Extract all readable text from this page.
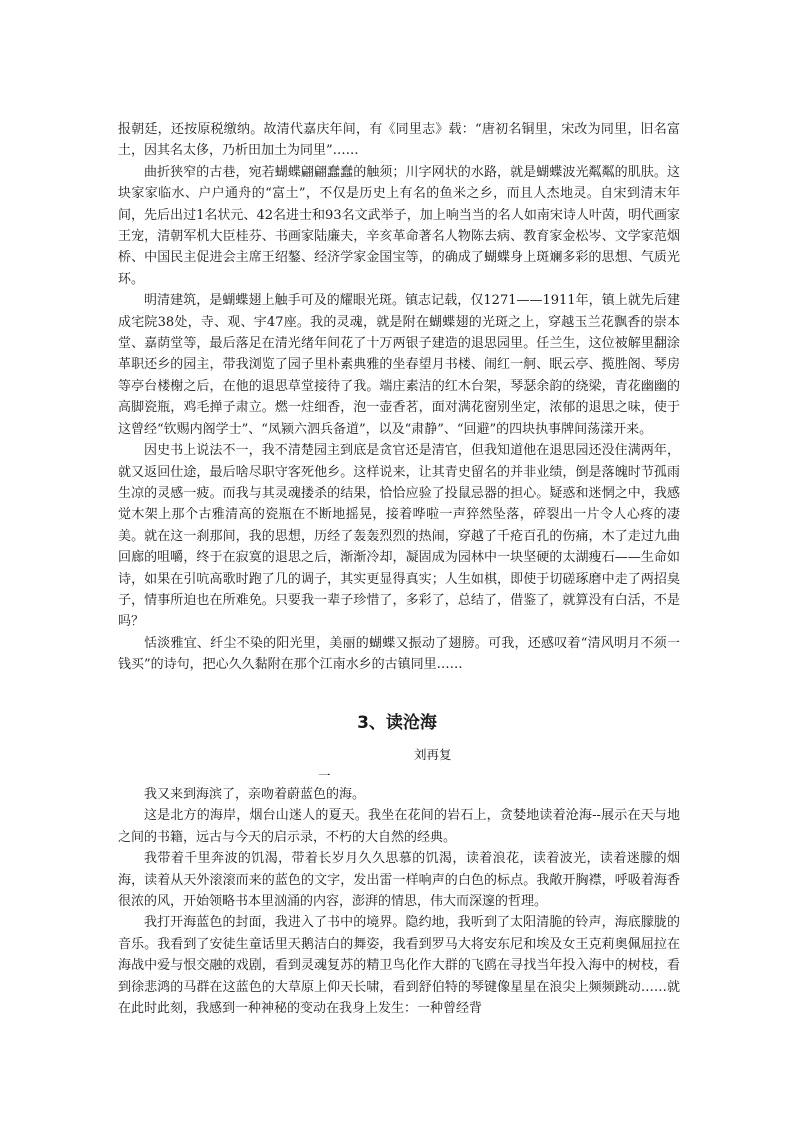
报朝廷，还按原税缴纳。故清代嘉庆年间，有《同里志》载：“唐初名铜里，宋改为同里，旧名富土，因其名太侈，乃析田加土为同里”……

曲折狭窄的古巷，宛若蝴蝶翩翩蠢蠢的触须；川字网状的水路，就是蝴蝶波光粼粼的肌肤。这块家家临水、户户通舟的“富土”，不仅是历史上有名的鱼米之乡，而且人杰地灵。自宋到清末年间，先后出过1名状元、42名进士和93名文武举子，加上响当当的名人如南宋诗人叶茵，明代画家王宠，清朝军机大臣桂芬、书画家陆廉夫，辛亥革命著名人物陈去病、教育家金松岑、文学家范烟桥、中国民主促进会主席王绍鏊、经济学家金国宝等，的确成了蝴蝶身上斑斓多彩的思想、气质光环。

明清建筑，是蝴蝶翅上触手可及的耀眼光斑。镇志记载，仅1271——1911年，镇上就先后建成宅院38处，寺、观、宇47座。我的灵魂，就是附在蝴蝶翅的光斑之上，穿越玉兰花飘香的崇本堂、嘉荫堂等，最后落足在清光绪年间花了十万两银子建造的退思园里。任兰生，这位被解里翻涂革职还乡的园主，带我浏览了园子里朴素典雅的坐春望月书楼、闹红一舸、眠云亭、揽胜阁、琴房等亭台楼榭之后，在他的退思草堂接待了我。端庄素洁的红木台架，琴瑟余韵的绕梁，青花幽幽的高脚瓷瓶，鸡毛掸子肃立。燃一炷细香，泡一壶香茗，面对满花窗别坐定，浓郁的退思之味，使于这曾经“钦赐内阁学士”、“凤颍六泗兵备道”，以及“肃静”、“回避”的四块执事牌间荡漾开来。

因史书上说法不一，我不清楚园主到底是贪官还是清官，但我知道他在退思园还没住满两年，就又返回仕途，最后啥尽职守客死他乡。这样说来，让其青史留名的并非业绩，倒是落魄时节孤雨生凉的灵感一疲。而我与其灵魂搂杀的结果，恰恰应验了投鼠忌器的担心。疑惑和迷惘之中，我感觉木架上那个古雅清高的瓷瓶在不断地摇晃，接着哗啦一声猝然坠落，碎裂出一片令人心疼的凄美。就在这一刹那间，我的思想，历经了轰轰烈烈的热闹，穿越了千疮百孔的伤痛，木了走过九曲回廊的咀嚼，终于在寂寞的退思之后，渐渐冷却，凝固成为园林中一块坚硬的太湖瘦石——生命如诗，如果在引吭高歌时跑了几的调子，其实更显得真实；人生如棋，即使于切磋琢磨中走了两招臭子，情事所迫也在所难免。只要我一辈子珍惜了，多彩了，总结了，借鉴了，就算没有白活，不是吗？

恬淡雅宜、纤尘不染的阳光里，美丽的蝴蝶又振动了翅膀。可我，还感叹着“清风明月不须一钱买”的诗句，把心久久黏附在那个江南水乡的古镇同里……

3、读沧海
刘再复
一

我又来到海滨了，亲吻着蔚蓝色的海。

这是北方的海岸，烟台山迷人的夏天。我坐在花间的岩石上，贪婪地读着沧海--展示在天与地之间的书籍，远古与今天的启示录，不朽的大自然的经典。

我带着千里奔波的饥渴，带着长岁月久久思慕的饥渴，读着浪花，读着波光，读着迷朦的烟海，读着从天外滚滚而来的蓝色的文字，发出雷一样响声的白色的标点。我敞开胸襟，呼吸着海香很浓的风，开始领略书本里汹涌的内容，澎湃的情思，伟大而深邃的哲理。

我打开海蓝色的封面，我进入了书中的境界。隐约地，我听到了太阳清脆的铃声，海底朦胧的音乐。我看到了安徒生童话里天鹅洁白的舞姿，我看到罗马大将安东尼和埃及女王克莉奥佩屈拉在海战中爱与恨交融的戏剧，看到灵魂复苏的精卫鸟化作大群的飞鸥在寻找当年投入海中的树枝，看到徐悲鸿的马群在这蓝色的大草原上仰天长啸，看到舒伯特的琴键像星星在浪尖上频频跳动……就在此时此刻，我感到一种神秘的变动在我身上发生：一种曾经背
